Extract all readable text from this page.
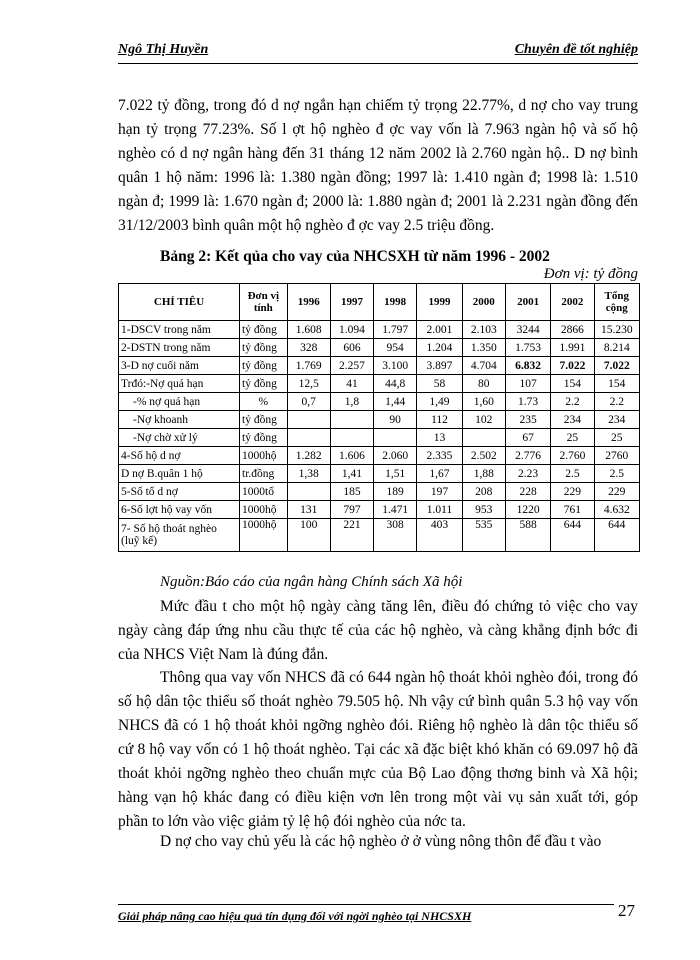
Ngô Thị Huyền	Chuyên đề tốt nghiệp
7.022 tỷ đồng, trong đó d nợ ngắn hạn chiếm tỷ trọng 22.77%, d nợ cho vay trung hạn tỷ trọng 77.23%. Số l ợt hộ nghèo đ ợc vay vốn là 7.963 ngàn hộ và số hộ nghèo có d nợ ngân hàng đến 31 tháng 12 năm 2002 là 2.760 ngàn hộ.. D nợ bình quân 1 hộ năm: 1996 là: 1.380 ngàn đồng; 1997 là: 1.410 ngàn đ; 1998 là: 1.510 ngàn đ; 1999 là: 1.670 ngàn đ; 2000 là: 1.880 ngàn đ; 2001 là 2.231 ngàn đồng đến 31/12/2003 bình quân một hộ nghèo đ ợc vay 2.5 triệu đồng.
Bảng 2: Kết qủa cho vay của NHCSXH từ năm 1996 - 2002
Đơn vị: tỷ đồng
CHỈ TIÊU	Đơn vị tính	1996	1997	1998	1999	2000	2001	2002	Tổng cộng
1-DSCV trong năm	tỷ đồng	1.608	1.094	1.797	2.001	2.103	3244	2866	15.230
2-DSTN trong năm	tỷ đồng	328	606	954	1.204	1.350	1.753	1.991	8.214
3-D nợ cuối năm	tỷ đồng	1.769	2.257	3.100	3.897	4.704	6.832	7.022	7.022
Trđó:-Nợ quá hạn	tỷ đồng	12,5	41	44,8	58	80	107	154	154
-% nợ quá hạn	%	0,7	1,8	1,44	1,49	1,60	1.73	2.2	2.2
-Nợ khoanh	tỷ đồng			90	112	102	235	234	234
-Nợ chờ xử lý	tỷ đồng				13		67	25	25
4-Số hộ d nợ	1000hộ	1.282	1.606	2.060	2.335	2.502	2.776	2.760	2760
D nợ B.quân 1 hộ	tr.đồng	1,38	1,41	1,51	1,67	1,88	2.23	2.5	2.5
5-Số tổ d nợ	1000tổ		185	189	197	208	228	229	229
6-Số lợt hộ vay vốn	1000hộ	131	797	1.471	1.011	953	1220	761	4.632
7- Số hộ thoát nghèo (luỹ kế)	1000hộ	100	221	308	403	535	588	644	644
Nguồn:Báo cáo của ngân hàng Chính sách Xã hội
Mức đầu t cho một hộ ngày càng tăng lên, điều đó chứng tỏ việc cho vay ngày càng đáp ứng nhu cầu thực tế của các hộ nghèo, và càng khẳng định bớc đi của NHCS Việt Nam là đúng đắn.
Thông qua vay vốn NHCS đã có 644 ngàn hộ thoát khỏi nghèo đói, trong đó số hộ dân tộc thiểu số thoát nghèo 79.505 hộ. Nh vậy cứ bình quân 5.3 hộ vay vốn NHCS đã có 1 hộ thoát khỏi ngỡng nghèo đói. Riêng hộ nghèo là dân tộc thiểu số cứ 8 hộ vay vốn có 1 hộ thoát nghèo. Tại các xã đặc biệt khó khăn có 69.097 hộ đã thoát khỏi ngỡng nghèo theo chuẩn mực của Bộ Lao động thơng binh và Xã hội; hàng vạn hộ khác đang có điều kiện vơn lên trong một vài vụ sản xuất tới, góp phần to lớn vào việc giảm tỷ lệ hộ đói nghèo của nớc ta.
D nợ cho vay chủ yếu là các hộ nghèo ở ở vùng nông thôn để đầu t vào
Giải pháp nâng cao hiệu quả tín dụng đối với ngời nghèo tại NHCSXH	27
